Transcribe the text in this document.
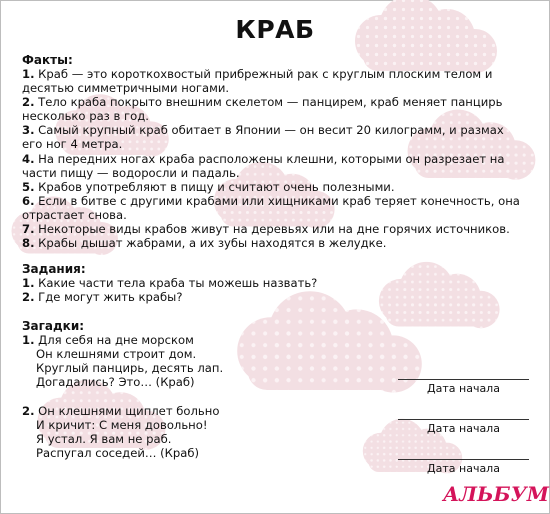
КРАБ
Факты:

1. Краб — это короткохвостый прибрежный рак с круглым плоским телом и десятью симметричными ногами.

2. Тело краба покрыто внешним скелетом — панцирем, краб меняет панцирь несколько раз в год.

3. Самый крупный краб обитает в Японии — он весит 20 килограмм, и размах его ног 4 метра.

4. На передних ногах краба расположены клешни, которыми он разрезает на части пищу — водоросли и падаль.

5. Крабов употребляют в пищу и считают очень полезными.

6. Если в битве с другими крабами или хищниками краб теряет конечность, она отрастает снова.

7. Некоторые виды крабов живут на деревьях или на дне горячих источников.

8. Крабы дышат жабрами, а их зубы находятся в желудке.

Задания:

1. Какие части тела краба ты можешь назвать?

2. Где могут жить крабы?

Загадки:

1. Для себя на дне морском

Он клешнями строит дом.

Круглый панцирь, десять лап.

Догадались? Это… (Краб)

2. Он клешнями щиплет больно

И кричит: С меня довольно!

Я устал. Я вам не раб.

Распугал соседей… (Краб)

Дата начала
Дата начала
Дата начала
АЛЬБУМ
